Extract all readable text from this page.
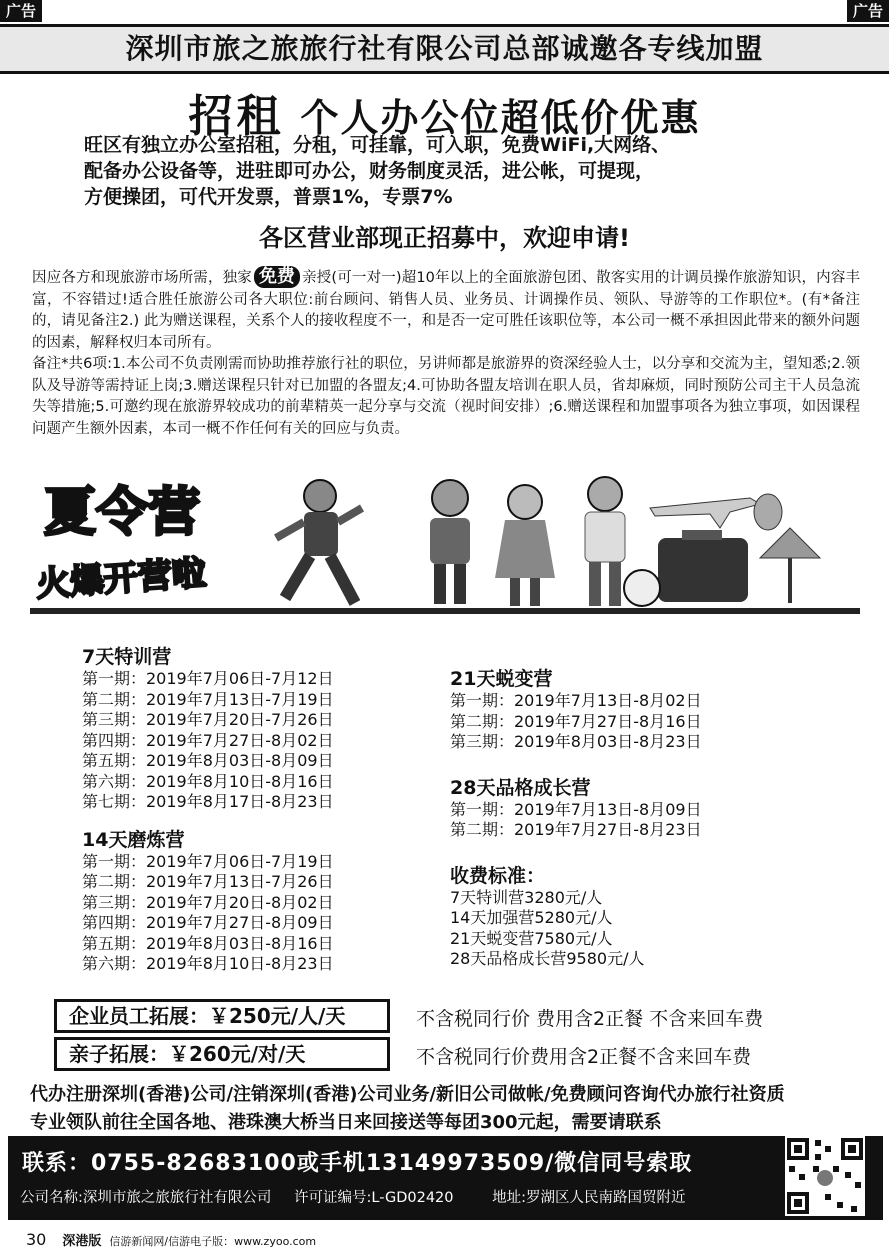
广告	广告
深圳市旅之旅旅行社有限公司总部诚邀各专线加盟
招租 个人办公位超低价优惠
旺区有独立办公室招租，分租，可挂靠，可入职，免费WiFi,大网络、
配备办公设备等，进驻即可办公，财务制度灵活，进公帐，可提现，
方便操团，可代开发票，普票1%，专票7%
各区营业部现正招募中，欢迎申请!
因应各方和现旅游市场所需，独家 免费 亲授(可一对一)超10年以上的全面旅游包团、散客实用的计调员操作旅游知识，内容丰富，不容错过!适合胜任旅游公司各大职位:前台顾问、销售人员、业务员、计调操作员、领队、导游等的工作职位*。(有*备注的，请见备注2.) 此为赠送课程，关系个人的接收程度不一，和是否一定可胜任该职位等，本公司一概不承担因此带来的额外问题的因素，解释权归本司所有。
备注*共6项:1.本公司不负责刚需而协助推荐旅行社的职位，另讲师都是旅游界的资深经验人士，以分享和交流为主，望知悉;2.领队及导游等需持证上岗;3.赠送课程只针对已加盟的各盟友;4.可协助各盟友培训在职人员，省却麻烦，同时预防公司主干人员急流失等措施;5.可邀约现在旅游界较成功的前辈精英一起分享与交流（视时间安排）;6.赠送课程和加盟事项各为独立事项，如因课程问题产生额外因素，本司一概不作任何有关的回应与负责。
夏令营
火爆开营啦
7天特训营
第一期：2019年7月06日-7月12日
第二期：2019年7月13日-7月19日
第三期：2019年7月20日-7月26日
第四期：2019年7月27日-8月02日
第五期：2019年8月03日-8月09日
第六期：2019年8月10日-8月16日
第七期：2019年8月17日-8月23日
14天磨炼营
第一期：2019年7月06日-7月19日
第二期：2019年7月13日-7月26日
第三期：2019年7月20日-8月02日
第四期：2019年7月27日-8月09日
第五期：2019年8月03日-8月16日
第六期：2019年8月10日-8月23日
21天蜕变营
第一期：2019年7月13日-8月02日
第二期：2019年7月27日-8月16日
第三期：2019年8月03日-8月23日
28天品格成长营
第一期：2019年7月13日-8月09日
第二期：2019年7月27日-8月23日
收费标准：
7天特训营3280元/人
14天加强营5280元/人
21天蜕变营7580元/人
28天品格成长营9580元/人
企业员工拓展：￥250元/人/天	不含税同行价 费用含2正餐 不含来回车费
亲子拓展：￥260元/对/天	不含税同行价费用含2正餐不含来回车费
代办注册深圳(香港)公司/注销深圳(香港)公司业务/新旧公司做帐/免费顾问咨询代办旅行社资质
专业领队前往全国各地、港珠澳大桥当日来回接送等每团300元起，需要请联系
联系：0755-82683100或手机13149973509/微信同号索取
公司名称:深圳市旅之旅旅行社有限公司 许可证编号:L-GD02420	地址:罗湖区人民南路国贸附近
30 深港版 信游新闻网/信游电子版：www.zyoo.com
